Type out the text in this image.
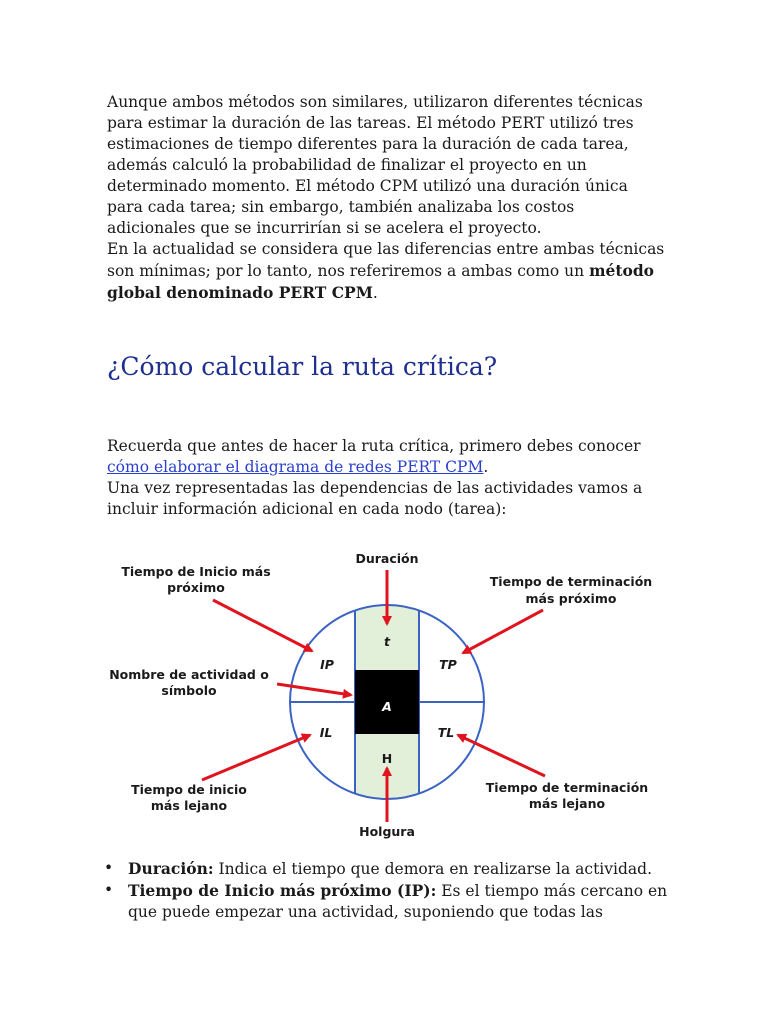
Aunque ambos métodos son similares, utilizaron diferentes técnicas para estimar la duración de las tareas. El método PERT utilizó tres estimaciones de tiempo diferentes para la duración de cada tarea, además calculó la probabilidad de finalizar el proyecto en un determinado momento. El método CPM utilizó una duración única para cada tarea; sin embargo, también analizaba los costos adicionales que se incurrirían si se acelera el proyecto.

En la actualidad se considera que las diferencias entre ambas técnicas son mínimas; por lo tanto, nos referiremos a ambas como un método global denominado PERT CPM.

¿Cómo calcular la ruta crítica?

Recuerda que antes de hacer la ruta crítica, primero debes conocer cómo elaborar el diagrama de redes PERT CPM.

Una vez representadas las dependencias de las actividades vamos a incluir información adicional en cada nodo (tarea):

t
IP	TP
A
IL	TL
H
Tiempo de Inicio más
próximo
Duración
Tiempo de terminación
más próximo
Nombre de actividad o
símbolo
Tiempo de inicio
más lejano
Tiempo de terminación
más lejano
Holgura
• Duración: Indica el tiempo que demora en realizarse la actividad.
• Tiempo de Inicio más próximo (IP): Es el tiempo más cercano en que puede empezar una actividad, suponiendo que todas las
